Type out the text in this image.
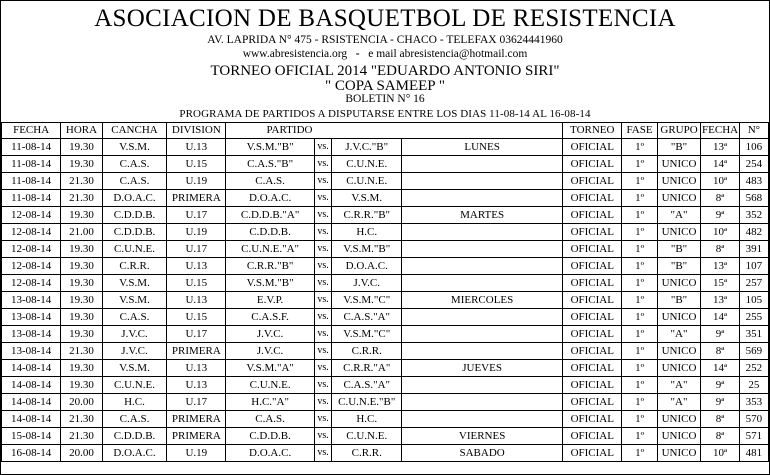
ASOCIACION DE BASQUETBOL DE RESISTENCIA
AV. LAPRIDA N° 475 - RSISTENCIA - CHACO - TELEFAX 03624441960
www.abresistencia.org - e mail abresistencia@hotmail.com
TORNEO OFICIAL 2014 "EDUARDO ANTONIO SIRI"
" COPA SAMEEP "
BOLETIN N° 16
PROGRAMA DE PARTIDOS A DISPUTARSE ENTRE LOS DIAS 11-08-14 AL 16-08-14
FECHA	HORA	CANCHA	DIVISION	PARTIDO				TORNEO	FASE	GRUPO	FECHA	N°
11-08-14	19.30	V.S.M.	U.13	V.S.M."B"	vs.	J.V.C."B"	LUNES	OFICIAL	1º	"B"	13ª	106
11-08-14	19.30	C.A.S.	U.15	C.A.S."B"	vs.	C.U.N.E.		OFICIAL	1º	UNICO	14ª	254
11-08-14	21.30	C.A.S.	U.19	C.A.S.	vs.	C.U.N.E.		OFICIAL	1º	UNICO	10ª	483
11-08-14	21.30	D.O.A.C.	PRIMERA	D.O.A.C.	vs.	V.S.M.		OFICIAL	1º	UNICO	8ª	568
12-08-14	19.30	C.D.D.B.	U.17	C.D.D.B."A"	vs.	C.R.R."B"	MARTES	OFICIAL	1º	"A"	9ª	352
12-08-14	21.00	C.D.D.B.	U.19	C.D.D.B.	vs.	H.C.		OFICIAL	1º	UNICO	10ª	482
12-08-14	19.30	C.U.N.E.	U.17	C.U.N.E."A"	vs.	V.S.M."B"		OFICIAL	1º	"B"	8ª	391
12-08-14	19.30	C.R.R.	U.13	C.R.R."B"	vs.	D.O.A.C.		OFICIAL	1º	"B"	13ª	107
12-08-14	19.30	V.S.M.	U.15	V.S.M."B"	vs.	J.V.C.		OFICIAL	1º	UNICO	15ª	257
13-08-14	19.30	V.S.M.	U.13	E.V.P.	vs.	V.S.M."C"	MIERCOLES	OFICIAL	1º	"B"	13ª	105
13-08-14	19.30	C.A.S.	U.15	C.A.S.F.	vs.	C.A.S."A"		OFICIAL	1º	UNICO	14ª	255
13-08-14	19.30	J.V.C.	U.17	J.V.C.	vs.	V.S.M."C"		OFICIAL	1º	"A"	9ª	351
13-08-14	21.30	J.V.C.	PRIMERA	J.V.C.	vs.	C.R.R.		OFICIAL	1º	UNICO	8ª	569
14-08-14	19.30	V.S.M.	U.13	V.S.M."A"	vs.	C.R.R."A"	JUEVES	OFICIAL	1º	UNICO	14ª	252
14-08-14	19.30	C.U.N.E.	U.13	C.U.N.E.	vs.	C.A.S."A"		OFICIAL	1º	"A"	9ª	25
14-08-14	20.00	H.C.	U.17	H.C."A"	vs.	C.U.N.E."B"		OFICIAL	1º	"A"	9ª	353
14-08-14	21.30	C.A.S.	PRIMERA	C.A.S.	vs.	H.C.		OFICIAL	1º	UNICO	8ª	570
15-08-14	21.30	C.D.D.B.	PRIMERA	C.D.D.B.	vs.	C.U.N.E.	VIERNES	OFICIAL	1º	UNICO	8ª	571
16-08-14	20.00	D.O.A.C.	U.19	D.O.A.C.	vs.	C.R.R.	SABADO	OFICIAL	1º	UNICO	10ª	481
